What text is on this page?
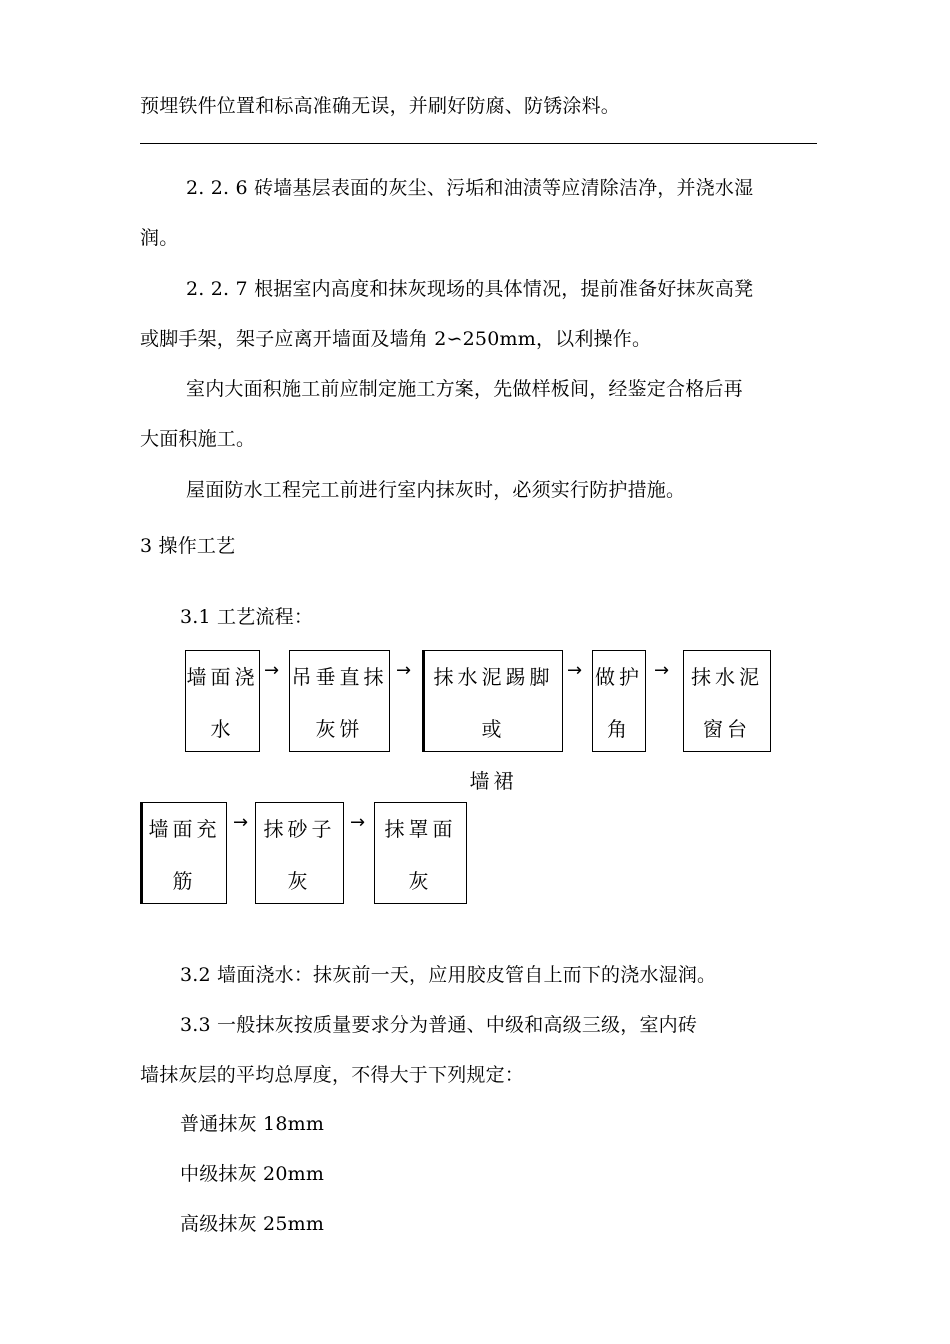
预埋铁件位置和标高准确无误，并刷好防腐、防锈涂料。
2. 2. 6 砖墙基层表面的灰尘、污垢和油渍等应清除洁净，并浇水湿
润。
2. 2. 7 根据室内高度和抹灰现场的具体情况，提前准备好抹灰高凳
或脚手架，架子应离开墙面及墙角 2∽250mm，以利操作。
室内大面积施工前应制定施工方案，先做样板间，经鉴定合格后再
大面积施工。
屋面防水工程完工前进行室内抹灰时，必须实行防护措施。
3 操作工艺
3.1 工艺流程：
墙面浇
水
→ 吊垂直抹
灰饼
→	抹水泥踢脚或
墙裙
→ 做护
角
→	抹水泥
窗台
墙面充
筋
→ 抹砂子
灰
→ 抹罩面
灰
3.2 墙面浇水：抹灰前一天，应用胶皮管自上而下的浇水湿润。
3.3 一般抹灰按质量要求分为普通、中级和高级三级，室内砖
墙抹灰层的平均总厚度，不得大于下列规定：
普通抹灰 18mm
中级抹灰 20mm
高级抹灰 25mm
